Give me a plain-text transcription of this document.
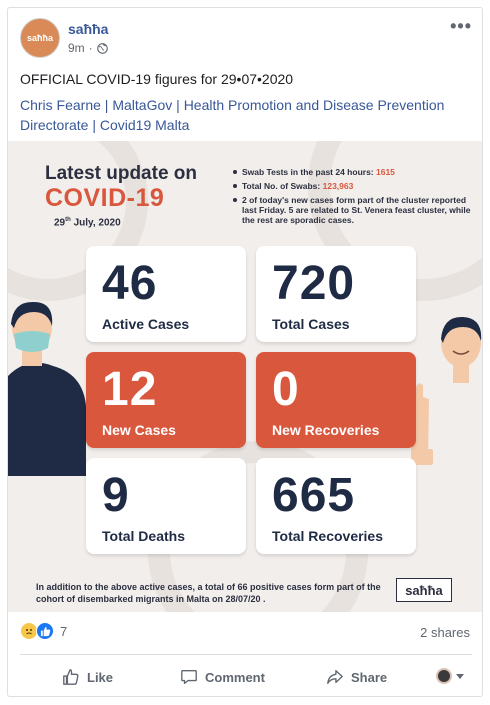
saħħa
saħħa
9m ·
•••
OFFICIAL COVID-19 figures for 29•07•2020
Chris Fearne | MaltaGov | Health Promotion and Disease Prevention Directorate | Covid19 Malta
Latest update on
COVID-19
29th July, 2020
Swab Tests in the past 24 hours: 1615
Total No. of Swabs: 123,963
2 of today's new cases form part of the cluster reported last Friday. 5 are related to St. Venera feast cluster, while the rest are sporadic cases.
46
Active Cases
720
Total Cases
12
New Cases
0
New Recoveries
9
Total Deaths
665
Total Recoveries
In addition to the above active cases, a total of 66 positive cases form part of the cohort of disembarked migrants in Malta on 28/07/20 .
saħħa
7	2 shares
Like	Comment	Share
